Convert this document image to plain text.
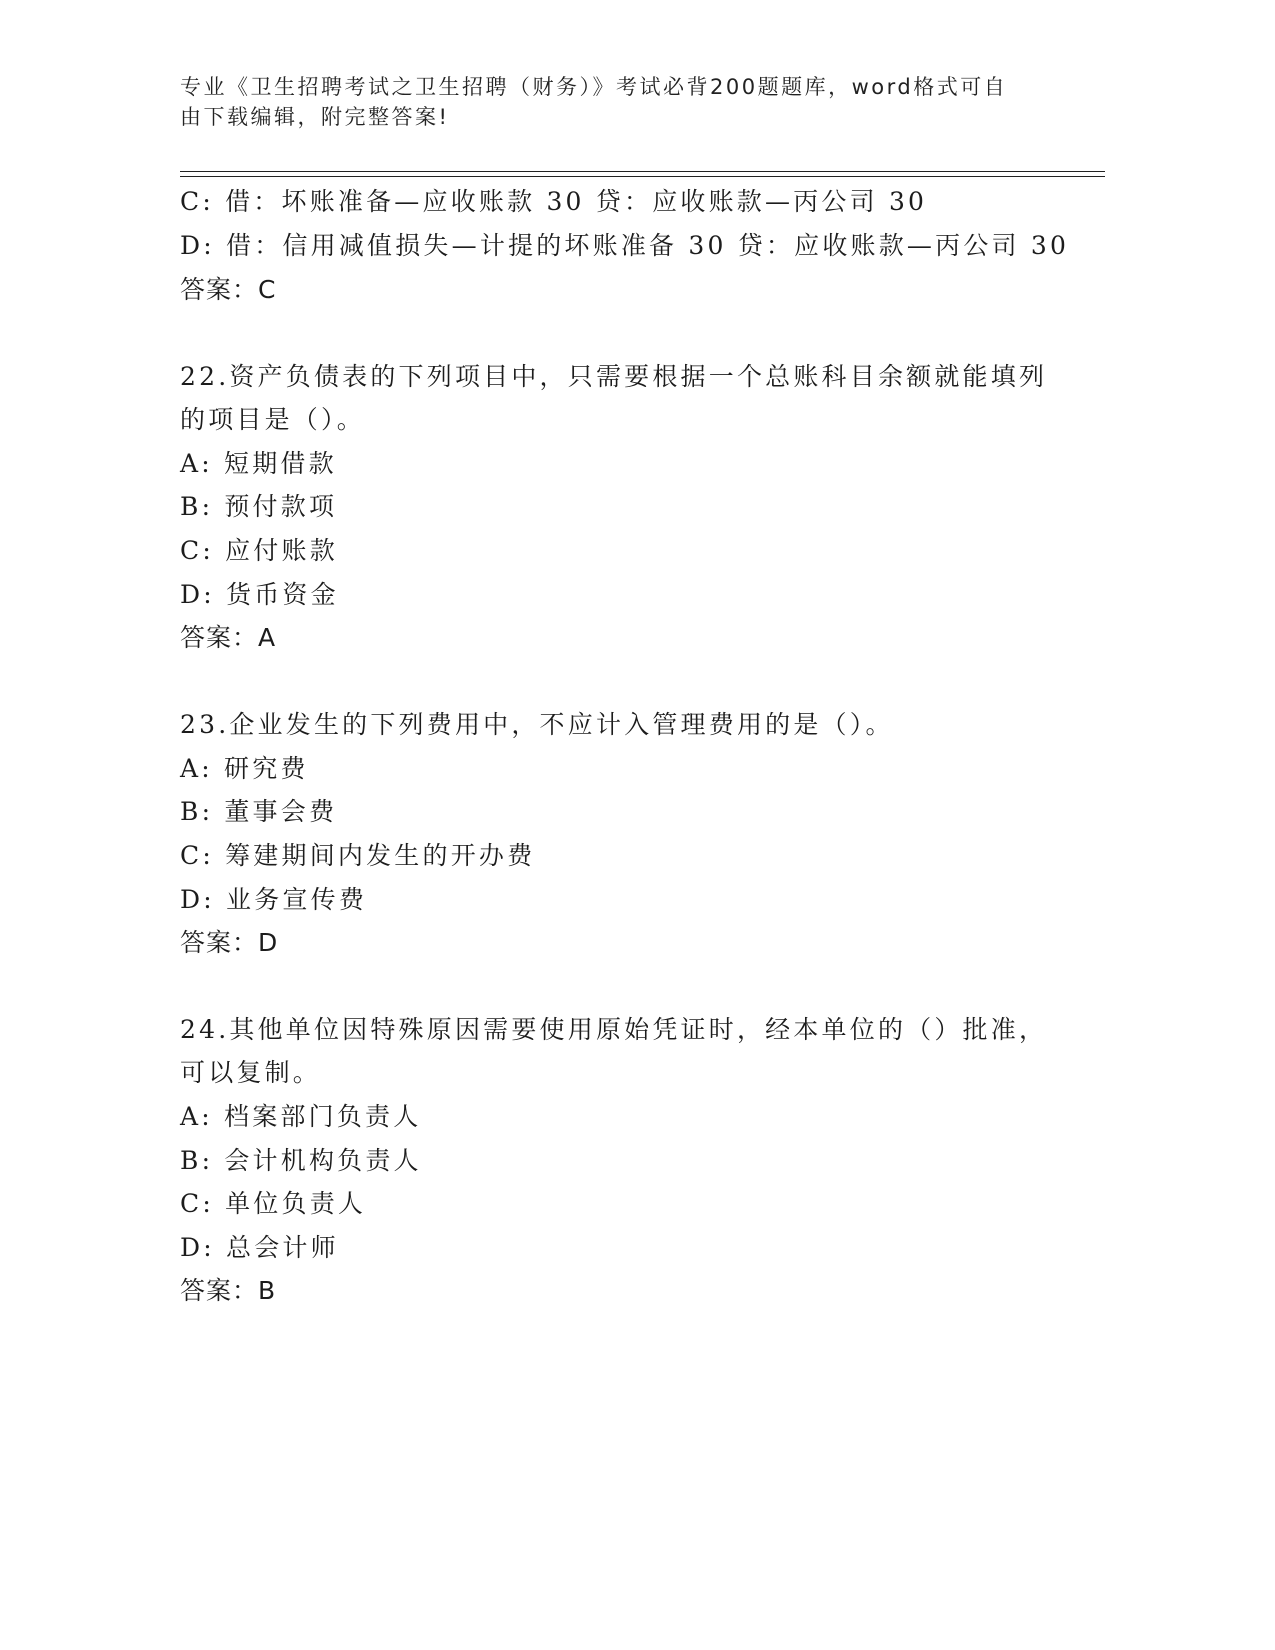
专业《卫生招聘考试之卫生招聘（财务）》考试必背200题题库，word格式可自
由下载编辑，附完整答案!
C: 借：坏账准备—应收账款 30 贷：应收账款—丙公司 30
D: 借：信用减值损失—计提的坏账准备 30 贷：应收账款—丙公司 30
答案：C
22.资产负债表的下列项目中，只需要根据一个总账科目余额就能填列
的项目是（）。
A: 短期借款
B: 预付款项
C: 应付账款
D: 货币资金
答案：A
23.企业发生的下列费用中，不应计入管理费用的是（）。
A: 研究费
B: 董事会费
C: 筹建期间内发生的开办费
D: 业务宣传费
答案：D
24.其他单位因特殊原因需要使用原始凭证时，经本单位的（）批准，
可以复制。
A: 档案部门负责人
B: 会计机构负责人
C: 单位负责人
D: 总会计师
答案：B
